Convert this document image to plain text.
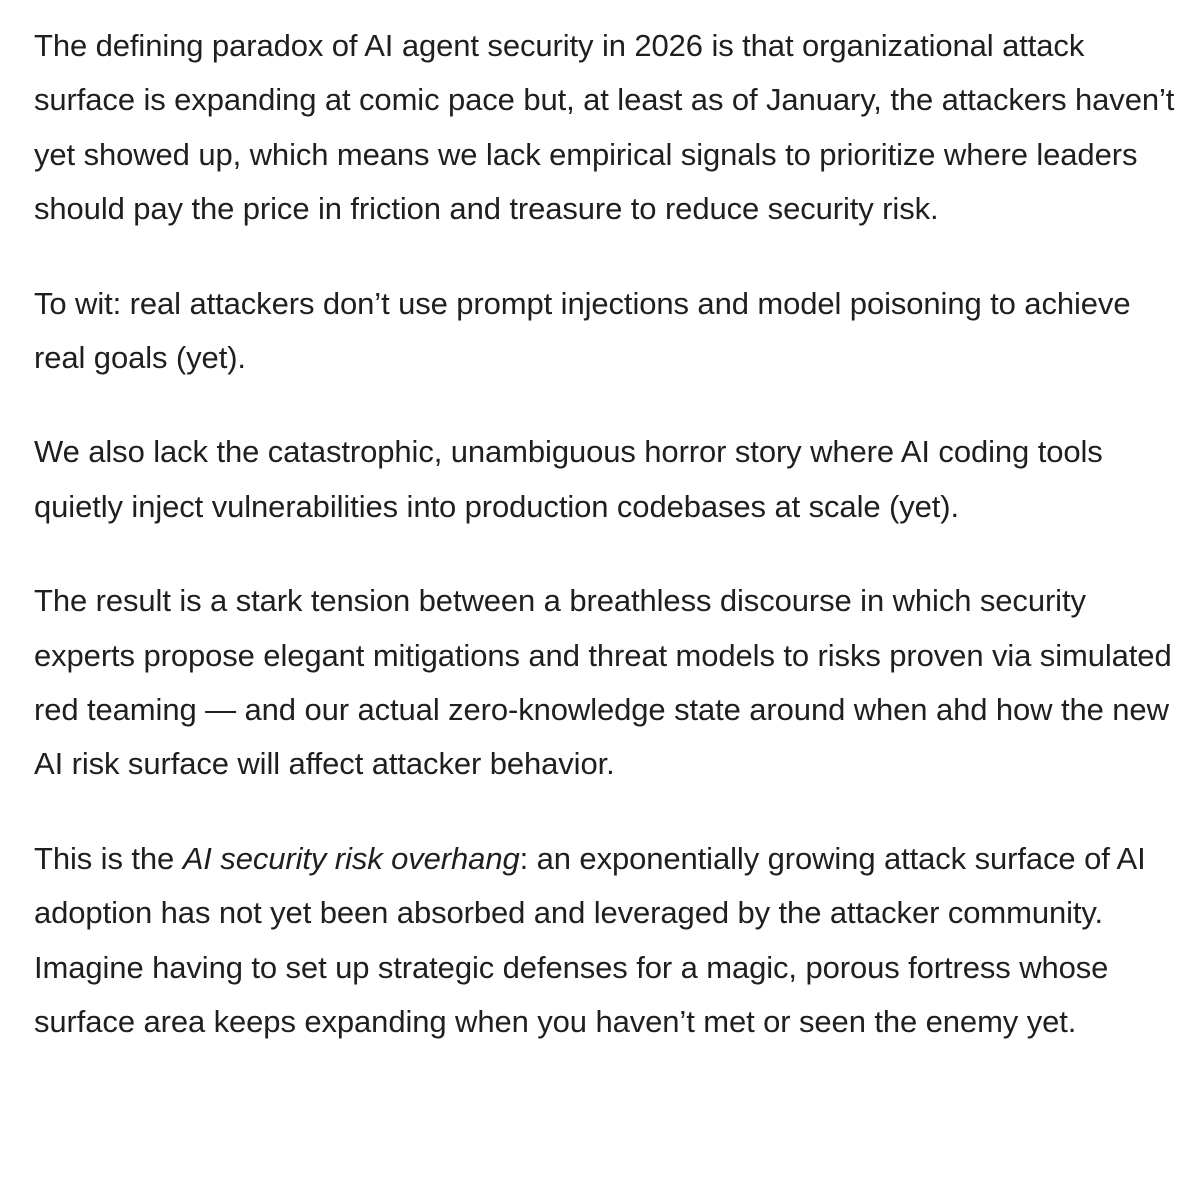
The defining paradox of AI agent security in 2026 is that organizational attack surface is expanding at comic pace but, at least as of January, the attackers haven’t yet showed up, which means we lack empirical signals to prioritize where leaders should pay the price in friction and treasure to reduce security risk.

To wit: real attackers don’t use prompt injections and model poisoning to achieve real goals (yet).

We also lack the catastrophic, unambiguous horror story where AI coding tools quietly inject vulnerabilities into production codebases at scale (yet).

The result is a stark tension between a breathless discourse in which security experts propose elegant mitigations and threat models to risks proven via simulated red teaming — and our actual zero-knowledge state around when ahd how the new AI risk surface will affect attacker behavior.

This is the AI security risk overhang: an exponentially growing attack surface of AI adoption has not yet been absorbed and leveraged by the attacker community. Imagine having to set up strategic defenses for a magic, porous fortress whose surface area keeps expanding when you haven’t met or seen the enemy yet.
